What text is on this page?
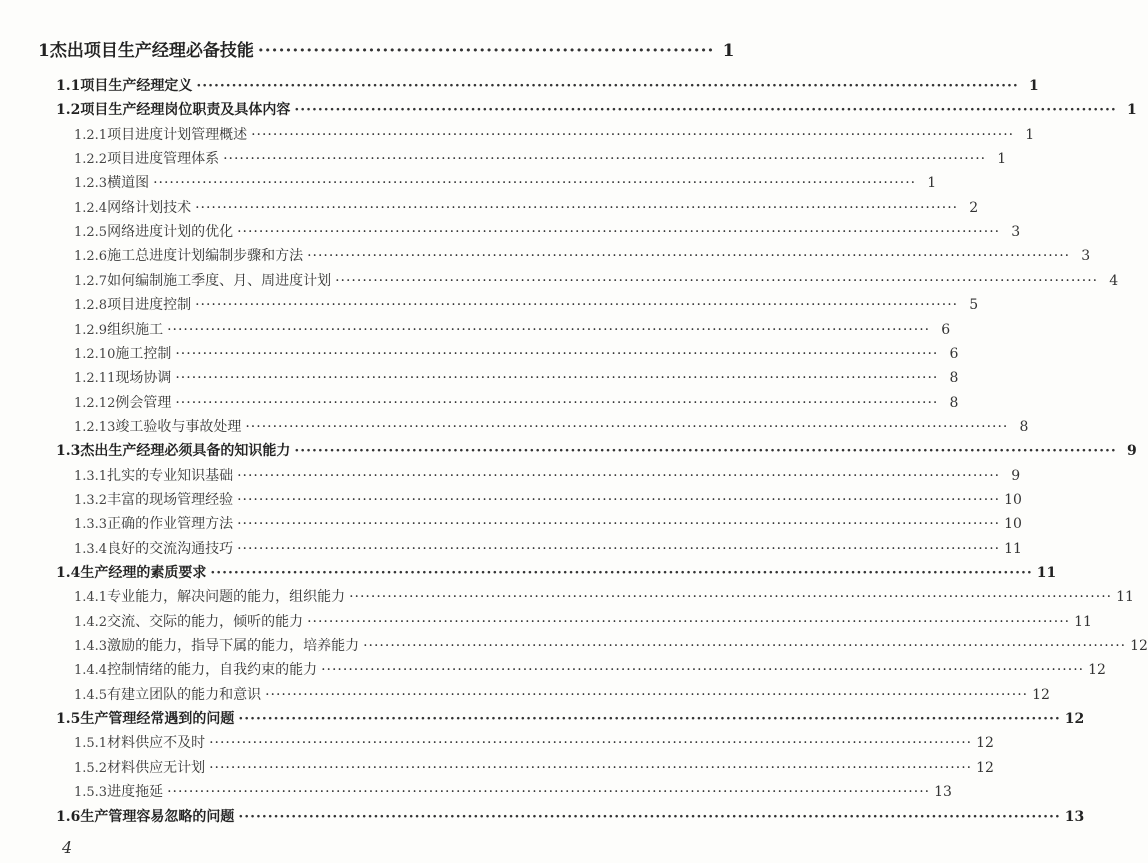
1 杰出项目生产经理必备技能 ·································································· 1
1.1 项目生产经理定义 ············································································································································ 1
1.2 项目生产经理岗位职责及具体内容 ············································································································································ 1
1.2.1 项目进度计划管理概述 ············································································································································ 1
1.2.2 项目进度管理体系 ············································································································································ 1
1.2.3 横道图 ············································································································································ 1
1.2.4 网络计划技术 ············································································································································ 2
1.2.5 网络进度计划的优化 ············································································································································ 3
1.2.6 施工总进度计划编制步骤和方法 ············································································································································ 3
1.2.7 如何编制施工季度、月、周进度计划 ············································································································································ 4
1.2.8 项目进度控制 ············································································································································ 5
1.2.9 组织施工 ············································································································································ 6
1.2.10 施工控制 ············································································································································ 6
1.2.11 现场协调 ············································································································································ 8
1.2.12 例会管理 ············································································································································ 8
1.2.13 竣工验收与事故处理 ············································································································································ 8
1.3 杰出生产经理必须具备的知识能力 ············································································································································ 9
1.3.1 扎实的专业知识基础 ············································································································································ 9
1.3.2 丰富的现场管理经验 ············································································································································ 10
1.3.3 正确的作业管理方法 ············································································································································ 10
1.3.4 良好的交流沟通技巧 ············································································································································ 11
1.4 生产经理的素质要求 ············································································································································ 11
1.4.1 专业能力，解决问题的能力，组织能力 ············································································································································ 11
1.4.2 交流、交际的能力，倾听的能力 ············································································································································ 11
1.4.3 激励的能力，指导下属的能力，培养能力 ············································································································································ 12
1.4.4 控制情绪的能力，自我约束的能力 ············································································································································ 12
1.4.5 有建立团队的能力和意识 ············································································································································ 12
1.5 生产管理经常遇到的问题 ············································································································································ 12
1.5.1 材料供应不及时 ············································································································································ 12
1.5.2 材料供应无计划 ············································································································································ 12
1.5.3 进度拖延 ············································································································································ 13
1.6 生产管理容易忽略的问题 ············································································································································ 13
4
